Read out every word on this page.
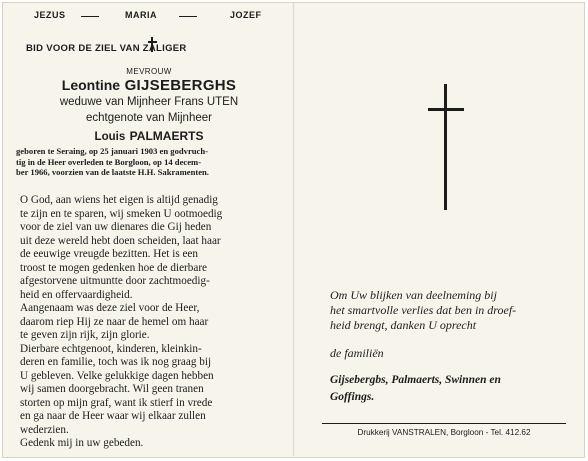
JEZUS	MARIA	JOZEF
BID VOOR DE ZIEL VAN ZALIGER
MEVROUW
Leontine GIJSEBERGHS
weduwe van Mijnheer Frans UTEN
echtgenote van Mijnheer
Louis PALMAERTS
geboren te Seraing, op 25 januari 1903 en godvruch-
tig in de Heer overleden te Borgloon, op 14 decem-
ber 1966, voorzien van de laatste H.H. Sakramenten.

O God, aan wiens het eigen is altijd genadig
te zijn en te sparen, wij smeken U ootmoedig
voor de ziel van uw dienares die Gij heden
uit deze wereld hebt doen scheiden, laat haar
de eeuwige vreugde bezitten. Het is een
troost te mogen gedenken hoe de dierbare
afgestorvene uitmuntte door zachtmoedig-
heid en offervaardigheid.

Aangenaam was deze ziel voor de Heer,
daarom riep Hij ze naar de hemel om haar
te geven zijn rijk, zijn glorie.

Dierbare echtgenoot, kinderen, kleinkin-
deren en familie, toch was ik nog graag bij
U gebleven. Velke gelukkige dagen hebben
wij samen doorgebracht. Wil geen tranen
storten op mijn graf, want ik stierf in vrede
en ga naar de Heer waar wij elkaar zullen
wederzien.

Gedenk mij in uw gebeden.

Om Uw blijken van deelneming bij
het smartvolle verlies dat ben in droef-
heid brengt, danken U oprecht
de familiën
Gijsebergbs, Palmaerts, Swinnen en
Goffings.
Drukkerij VANSTRALEN, Borgloon - Tel. 412.62
